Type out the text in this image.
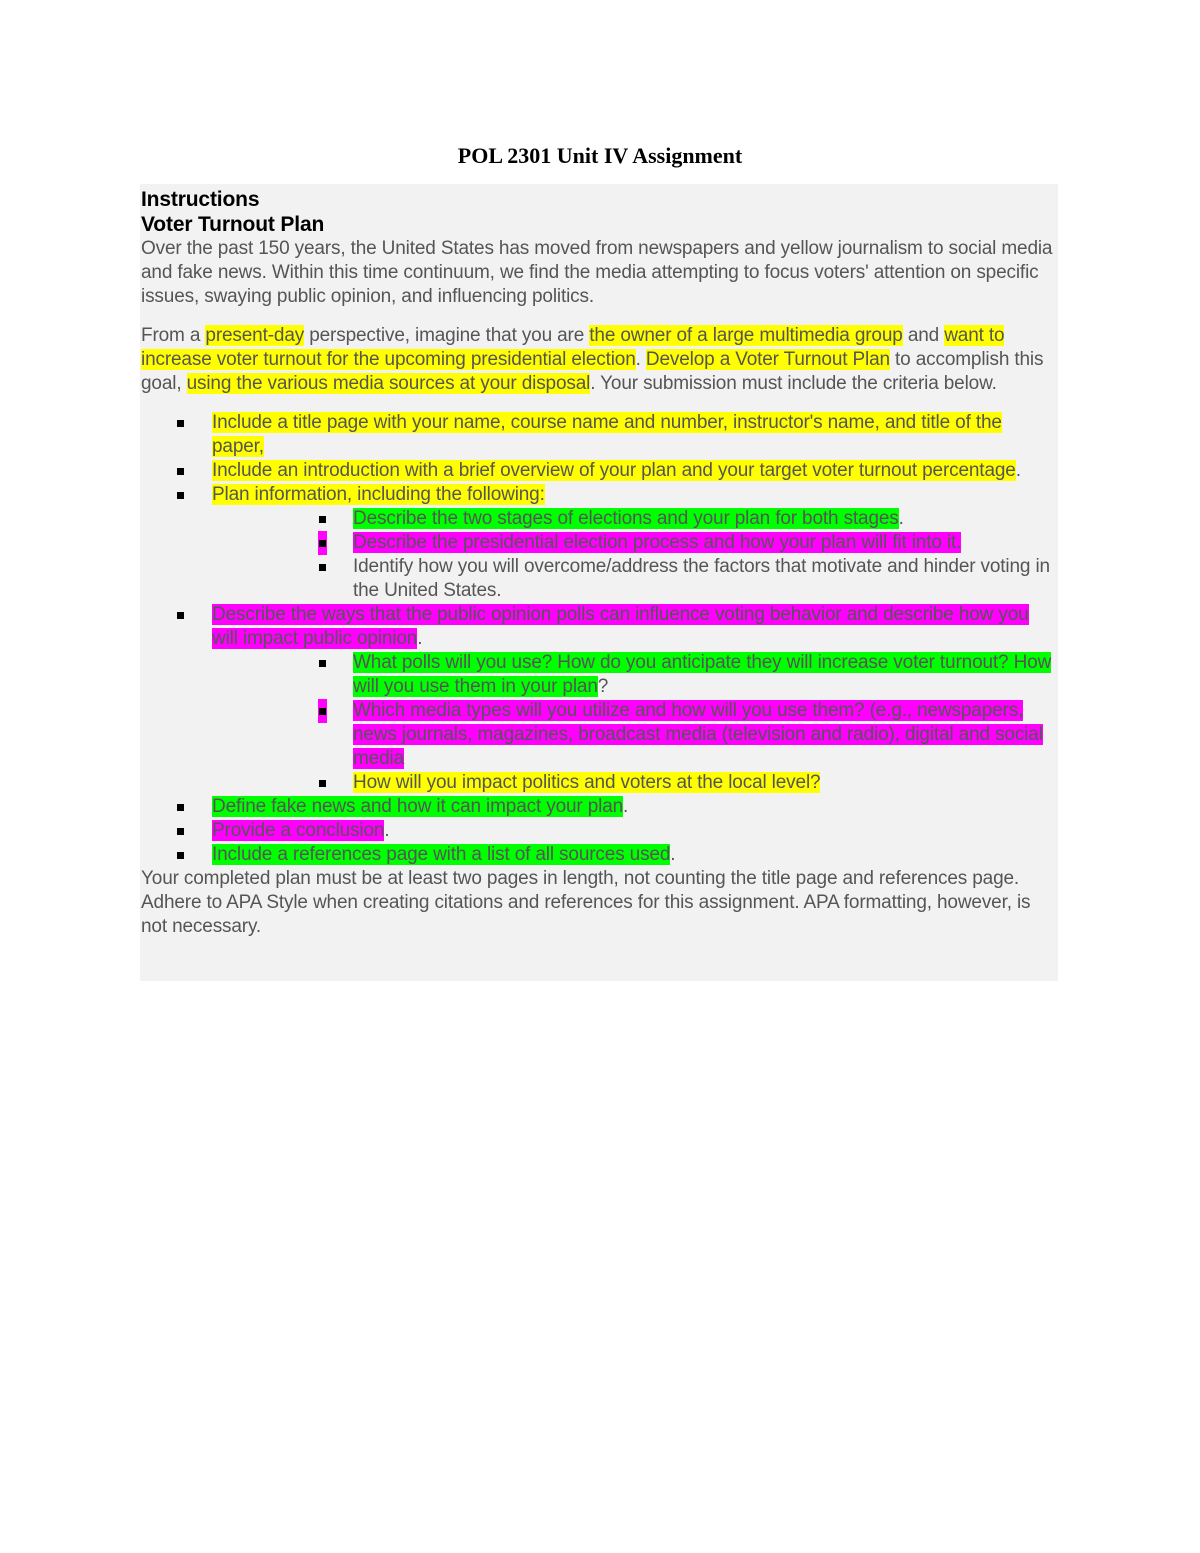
POL 2301 Unit IV Assignment
Instructions
Voter Turnout Plan

Over the past 150 years, the United States has moved from newspapers and yellow journalism to social media and fake news. Within this time continuum, we find the media attempting to focus voters' attention on specific issues, swaying public opinion, and influencing politics.

From a present-day perspective, imagine that you are the owner of a large multimedia group and want to increase voter turnout for the upcoming presidential election. Develop a Voter Turnout Plan to accomplish this goal, using the various media sources at your disposal. Your submission must include the criteria below.

Include a title page with your name, course name and number, instructor's name, and title of the paper,
Include an introduction with a brief overview of your plan and your target voter turnout percentage.
Plan information, including the following:
Describe the two stages of elections and your plan for both stages.
Describe the presidential election process and how your plan will fit into it.
Identify how you will overcome/address the factors that motivate and hinder voting in the United States.
Describe the ways that the public opinion polls can influence voting behavior and describe how you will impact public opinion.
What polls will you use? How do you anticipate they will increase voter turnout? How will you use them in your plan?
Which media types will you utilize and how will you use them? (e.g., newspapers, news journals, magazines, broadcast media (television and radio), digital and social media
How will you impact politics and voters at the local level?
Define fake news and how it can impact your plan.
Provide a conclusion.
Include a references page with a list of all sources used.

Your completed plan must be at least two pages in length, not counting the title page and references page. Adhere to APA Style when creating citations and references for this assignment. APA formatting, however, is not necessary.
